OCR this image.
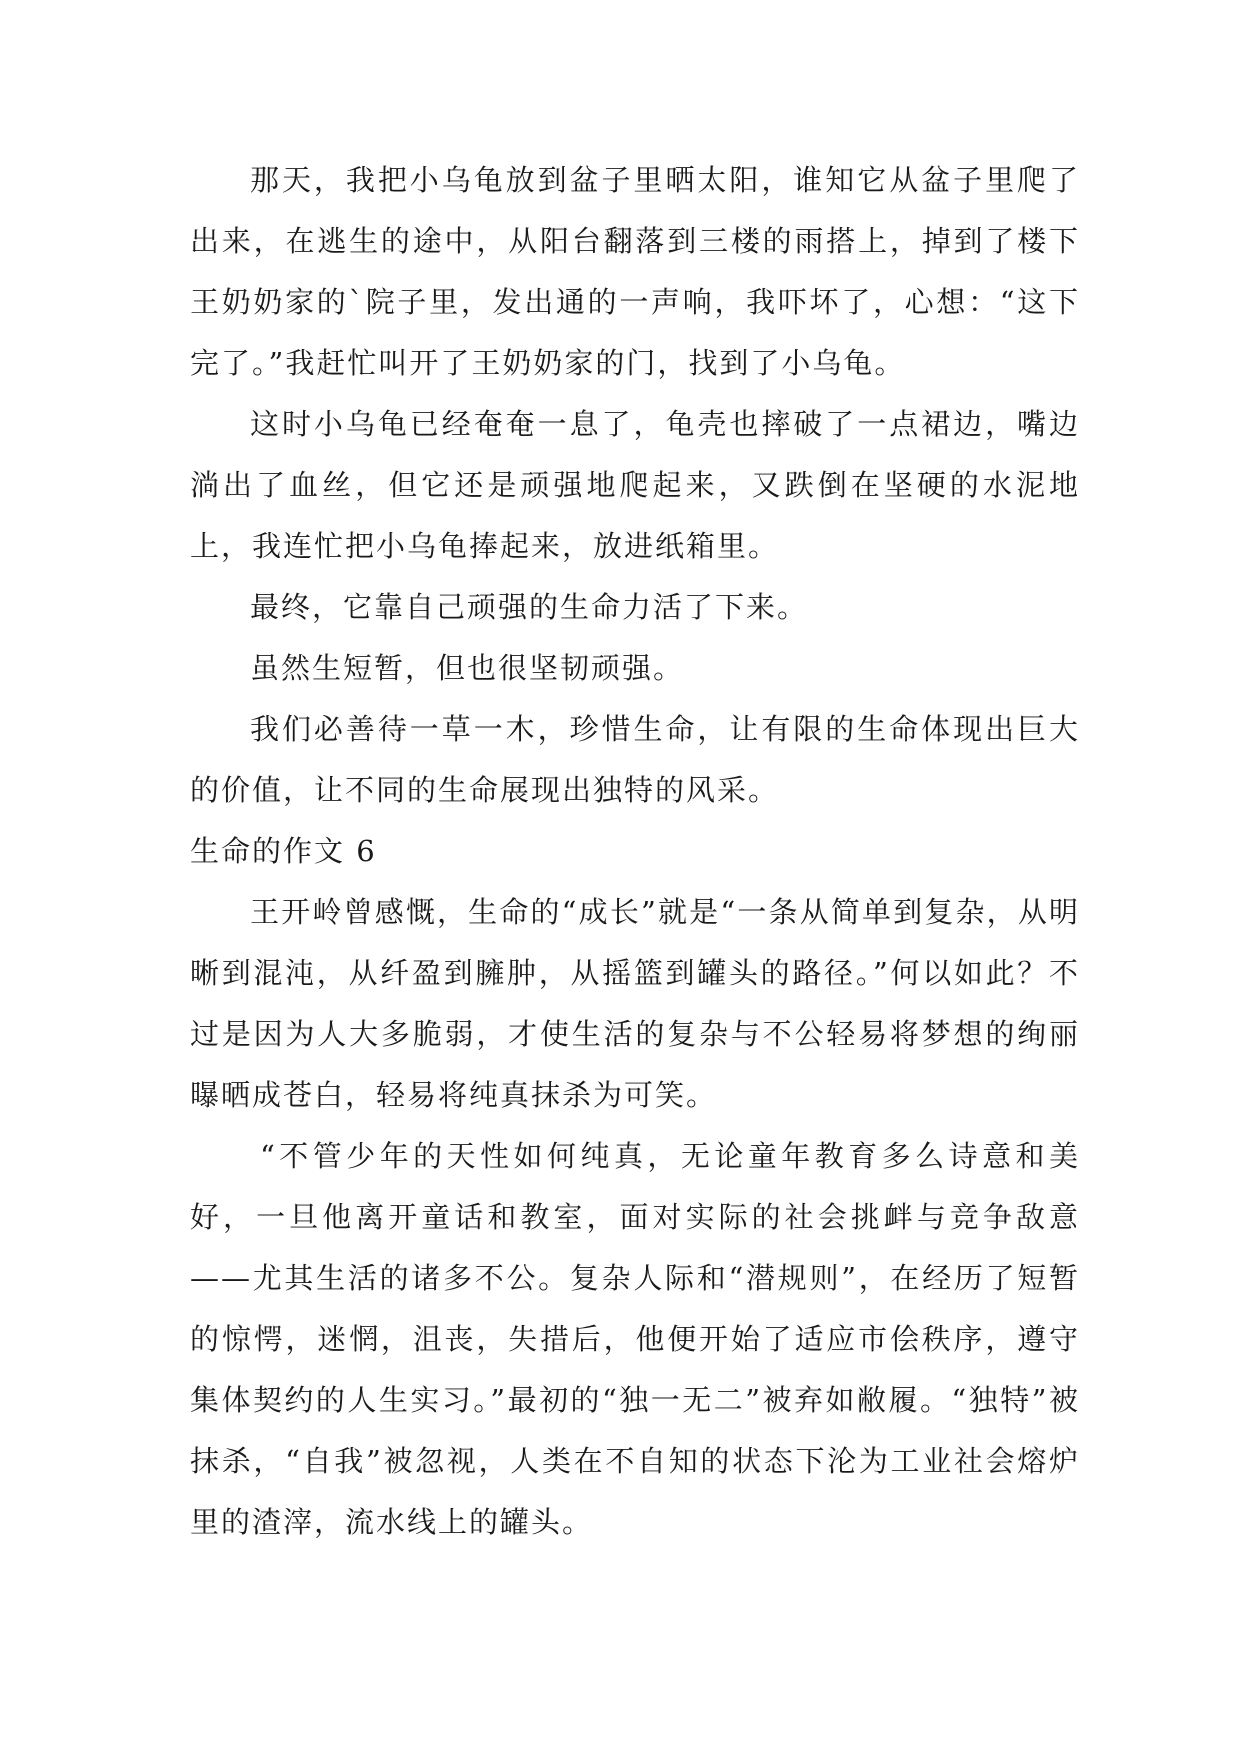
那天，我把小乌龟放到盆子里晒太阳，谁知它从盆子里爬了出来，在逃生的途中，从阳台翻落到三楼的雨搭上，掉到了楼下王奶奶家的`院子里，发出通的一声响，我吓坏了，心想：“这下完了。”我赶忙叫开了王奶奶家的门，找到了小乌龟。

这时小乌龟已经奄奄一息了，龟壳也摔破了一点裙边，嘴边淌出了血丝，但它还是顽强地爬起来，又跌倒在坚硬的水泥地上，我连忙把小乌龟捧起来，放进纸箱里。

最终，它靠自己顽强的生命力活了下来。

虽然生短暂，但也很坚韧顽强。

我们必善待一草一木，珍惜生命，让有限的生命体现出巨大的价值，让不同的生命展现出独特的风采。

生命的作文 6

王开岭曾感慨，生命的“成长”就是“一条从简单到复杂，从明晰到混沌，从纤盈到臃肿，从摇篮到罐头的路径。”何以如此？不过是因为人大多脆弱，才使生活的复杂与不公轻易将梦想的绚丽曝晒成苍白，轻易将纯真抹杀为可笑。

“不管少年的天性如何纯真，无论童年教育多么诗意和美好，一旦他离开童话和教室，面对实际的社会挑衅与竞争敌意——尤其生活的诸多不公。复杂人际和“潜规则”，在经历了短暂的惊愕，迷惘，沮丧，失措后，他便开始了适应市侩秩序，遵守集体契约的人生实习。”最初的“独一无二”被弃如敝履。“独特”被抹杀，“自我”被忽视，人类在不自知的状态下沦为工业社会熔炉里的渣滓，流水线上的罐头。
